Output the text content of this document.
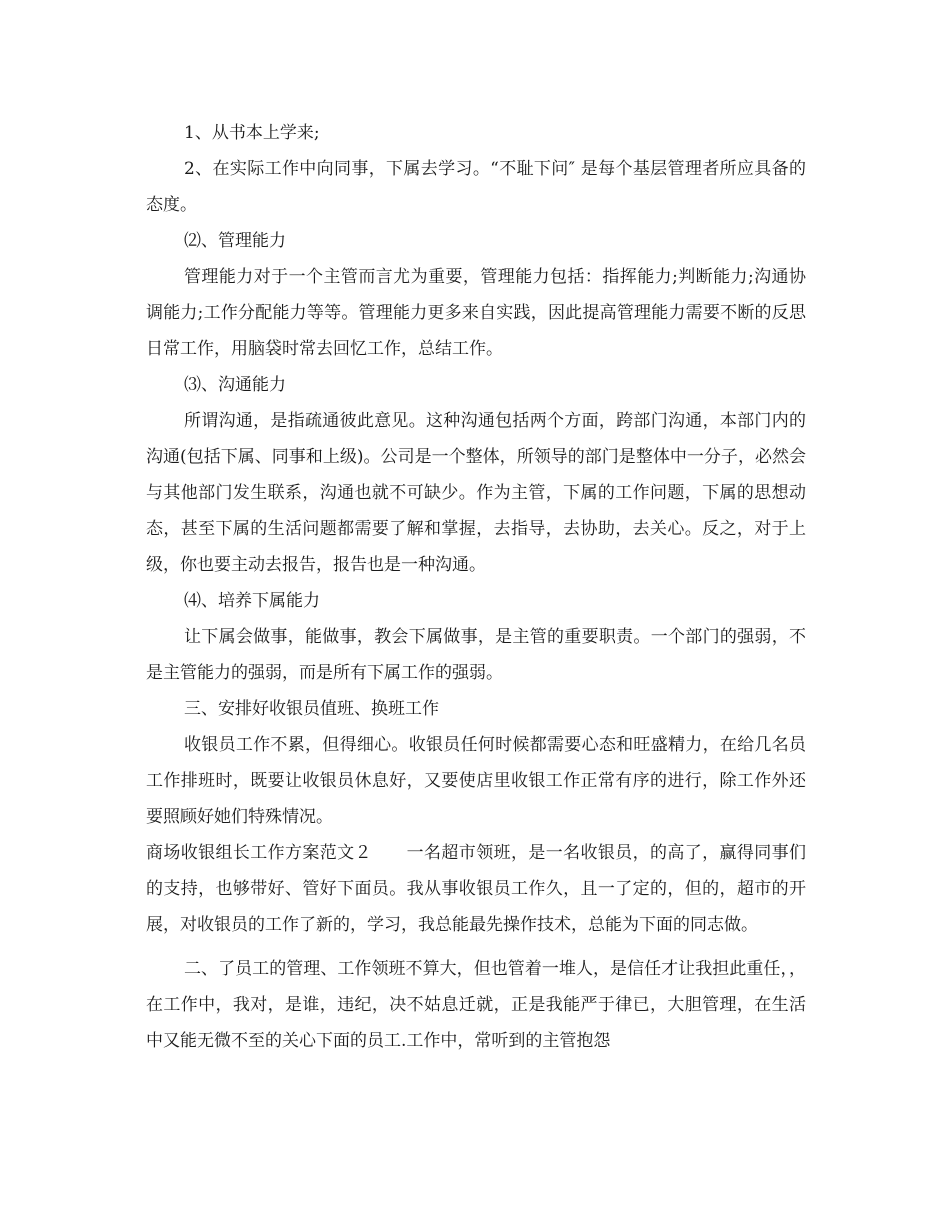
1、从书本上学来;

2、在实际工作中向同事，下属去学习。“不耻下问″ 是每个基层管理者所应具备的态度。

⑵、管理能力

管理能力对于一个主管而言尤为重要，管理能力包括：指挥能力;判断能力;沟通协调能力;工作分配能力等等。管理能力更多来自实践，因此提高管理能力需要不断的反思日常工作，用脑袋时常去回忆工作，总结工作。

⑶、沟通能力

所谓沟通，是指疏通彼此意见。这种沟通包括两个方面，跨部门沟通，本部门内的沟通(包括下属、同事和上级)。公司是一个整体，所领导的部门是整体中一分子，必然会与其他部门发生联系，沟通也就不可缺少。作为主管，下属的工作问题，下属的思想动态，甚至下属的生活问题都需要了解和掌握，去指导，去协助，去关心。反之，对于上级，你也要主动去报告，报告也是一种沟通。

⑷、培养下属能力

让下属会做事，能做事，教会下属做事，是主管的重要职责。一个部门的强弱，不是主管能力的强弱，而是所有下属工作的强弱。

三、安排好收银员值班、换班工作

收银员工作不累，但得细心。收银员任何时候都需要心态和旺盛精力，在给几名员工作排班时，既要让收银员休息好，又要使店里收银工作正常有序的进行，除工作外还要照顾好她们特殊情况。

商场收银组长工作方案范文２　　一名超市领班，是一名收银员，的高了，赢得同事们的支持，也够带好、管好下面员。我从事收银员工作久，且一了定的，但的，超市的开展，对收银员的工作了新的，学习，我总能最先操作技术，总能为下面的同志做。

二、了员工的管理、工作领班不算大，但也管着一堆人，是信任才让我担此重任，，在工作中，我对，是谁，违纪，决不姑息迁就，正是我能严于律已，大胆管理，在生活中又能无微不至的关心下面的员工.工作中，常听到的主管抱怨
